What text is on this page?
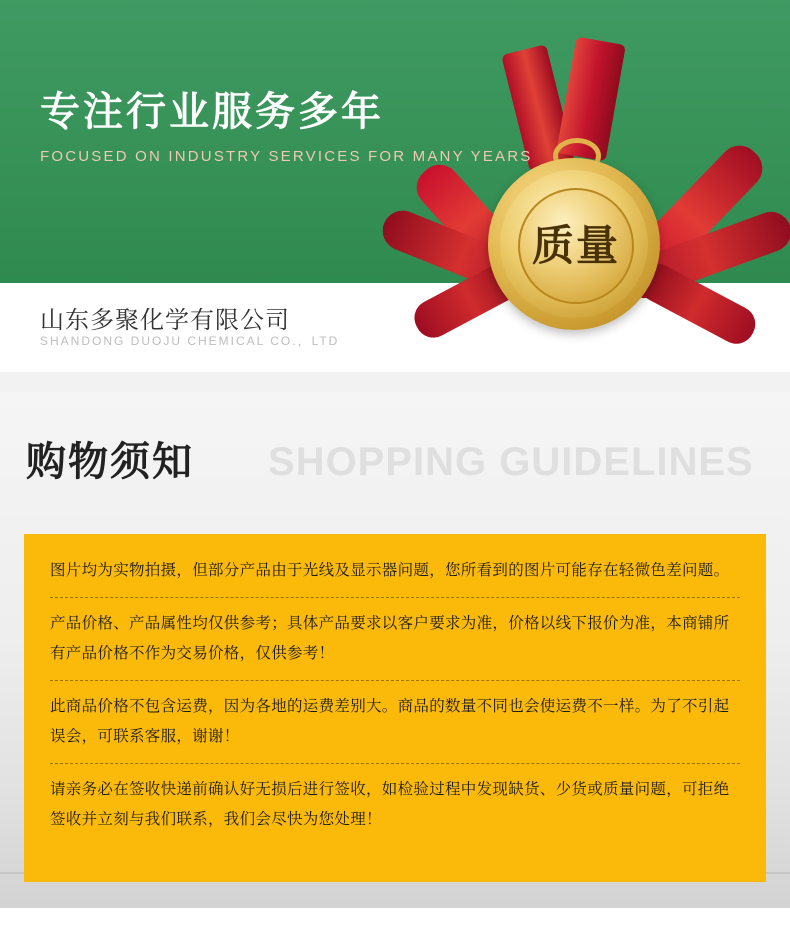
质量
专注行业服务多年
FOCUSED ON INDUSTRY SERVICES FOR MANY YEARS
山东多聚化学有限公司
SHANDONG DUOJU CHEMICAL CO.，LTD
SHOPPING GUIDELINES
购物须知

图片均为实物拍摄，但部分产品由于光线及显示器问题，您所看到的图片可能存在轻微色差问题。

产品价格、产品属性均仅供参考；具体产品要求以客户要求为准，价格以线下报价为准，本商铺所有产品价格不作为交易价格，仅供参考！

此商品价格不包含运费，因为各地的运费差别大。商品的数量不同也会使运费不一样。为了不引起误会，可联系客服，谢谢！

请亲务必在签收快递前确认好无损后进行签收，如检验过程中发现缺货、少货或质量问题，可拒绝签收并立刻与我们联系，我们会尽快为您处理！
